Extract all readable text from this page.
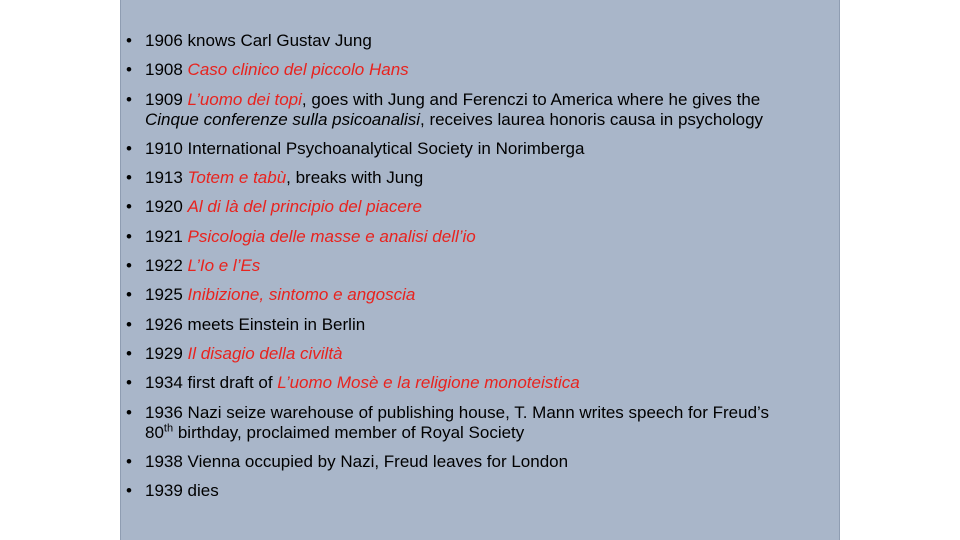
• 1906 knows Carl Gustav Jung
• 1908 Caso clinico del piccolo Hans
• 1909 L’uomo dei topi, goes with Jung and Ferenczi to America where he gives the
Cinque conferenze sulla psicoanalisi, receives laurea honoris causa in psychology
• 1910 International Psychoanalytical Society in Norimberga
• 1913 Totem e tabù, breaks with Jung
• 1920 Al di là del principio del piacere
• 1921 Psicologia delle masse e analisi dell’io
• 1922 L’Io e l’Es
• 1925 Inibizione, sintomo e angoscia
• 1926 meets Einstein in Berlin
• 1929 Il disagio della civiltà
• 1934 first draft of L’uomo Mosè e la religione monoteistica
• 1936 Nazi seize warehouse of publishing house, T. Mann writes speech for Freud’s
80th birthday, proclaimed member of Royal Society
• 1938 Vienna occupied by Nazi, Freud leaves for London
• 1939 dies
